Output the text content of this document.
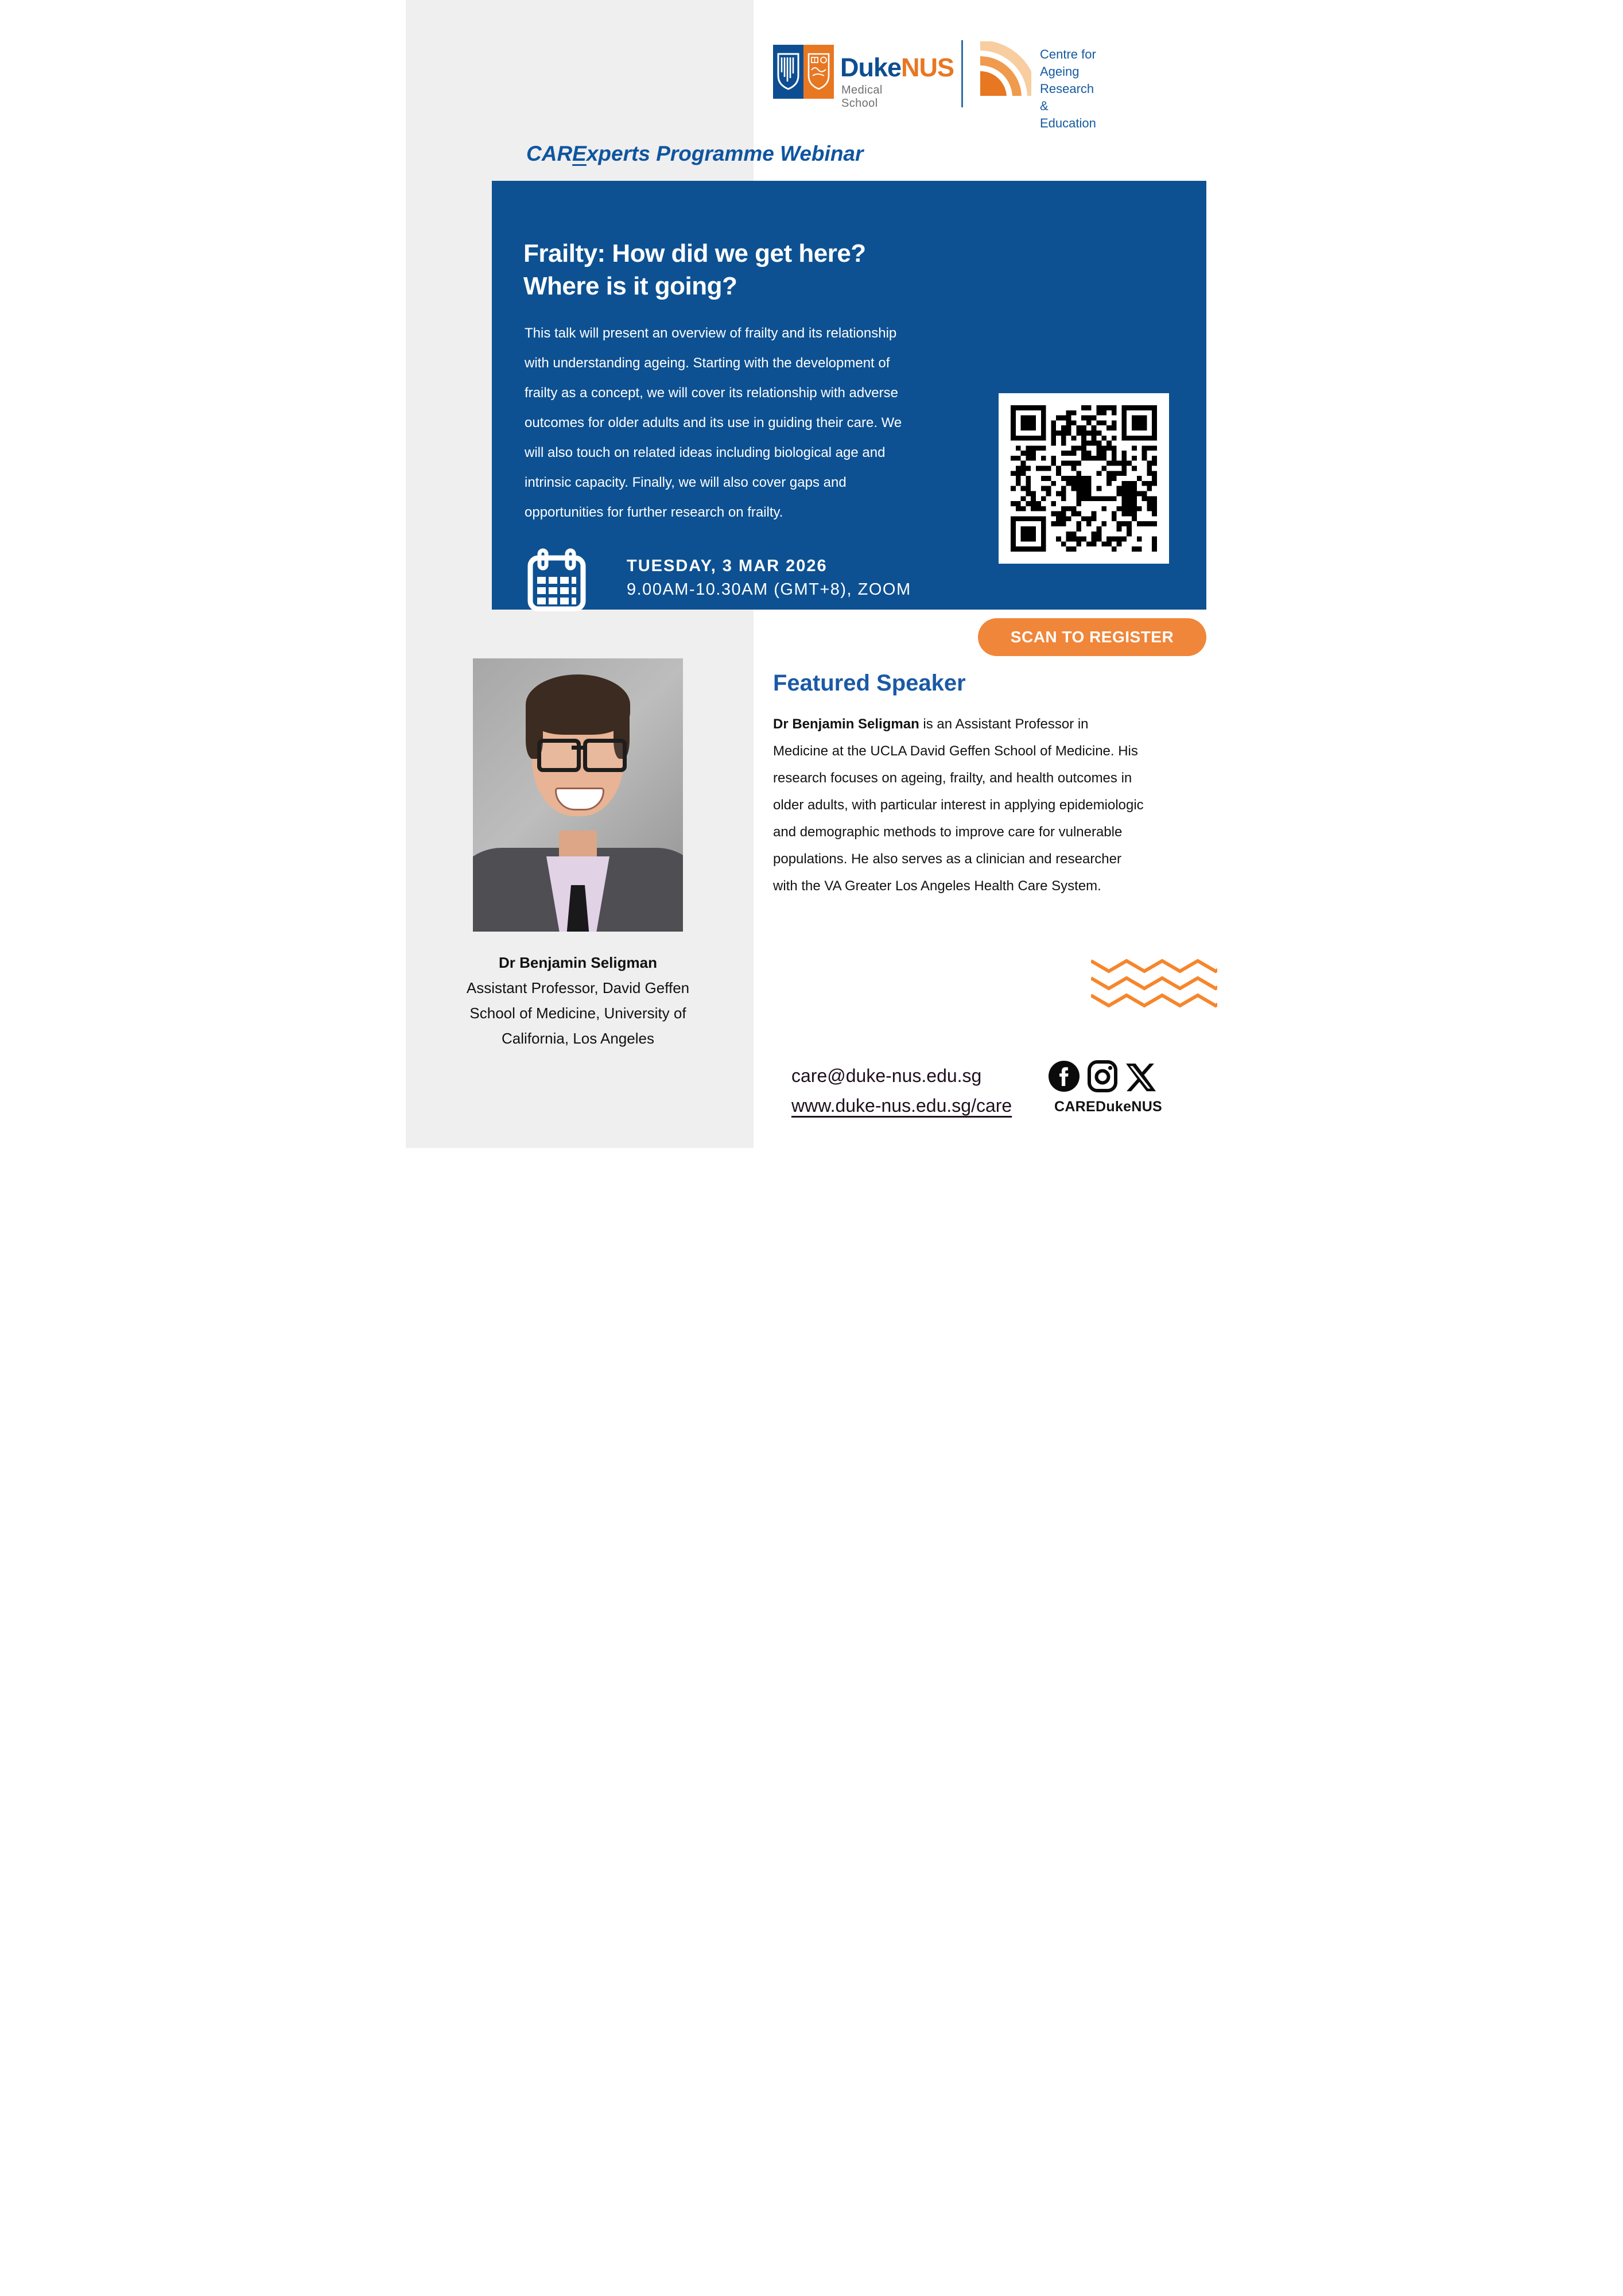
DukeNUS
Medical School
Centre for
Ageing Research & Education
CARExperts Programme Webinar
Frailty: How did we get here?
Where is it going?
This talk will present an overview of frailty and its relationship with understanding ageing. Starting with the development of frailty as a concept, we will cover its relationship with adverse outcomes for older adults and its use in guiding their care. We will also touch on related ideas including biological age and intrinsic capacity. Finally, we will also cover gaps and opportunities for further research on frailty.
TUESDAY, 3 MAR 2026
9.00AM-10.30AM (GMT+8), ZOOM
SCAN TO REGISTER
Dr Benjamin Seligman
Assistant Professor, David Geffen
School of Medicine, University of
California, Los Angeles
Featured Speaker
Dr Benjamin Seligman is an Assistant Professor in Medicine at the UCLA David Geffen School of Medicine. His research focuses on ageing, frailty, and health outcomes in older adults, with particular interest in applying epidemiologic and demographic methods to improve care for vulnerable populations. He also serves as a clinician and researcher with the VA Greater Los Angeles Health Care System.
care@duke-nus.edu.sg
www.duke-nus.edu.sg/care	CAREDukeNUS
